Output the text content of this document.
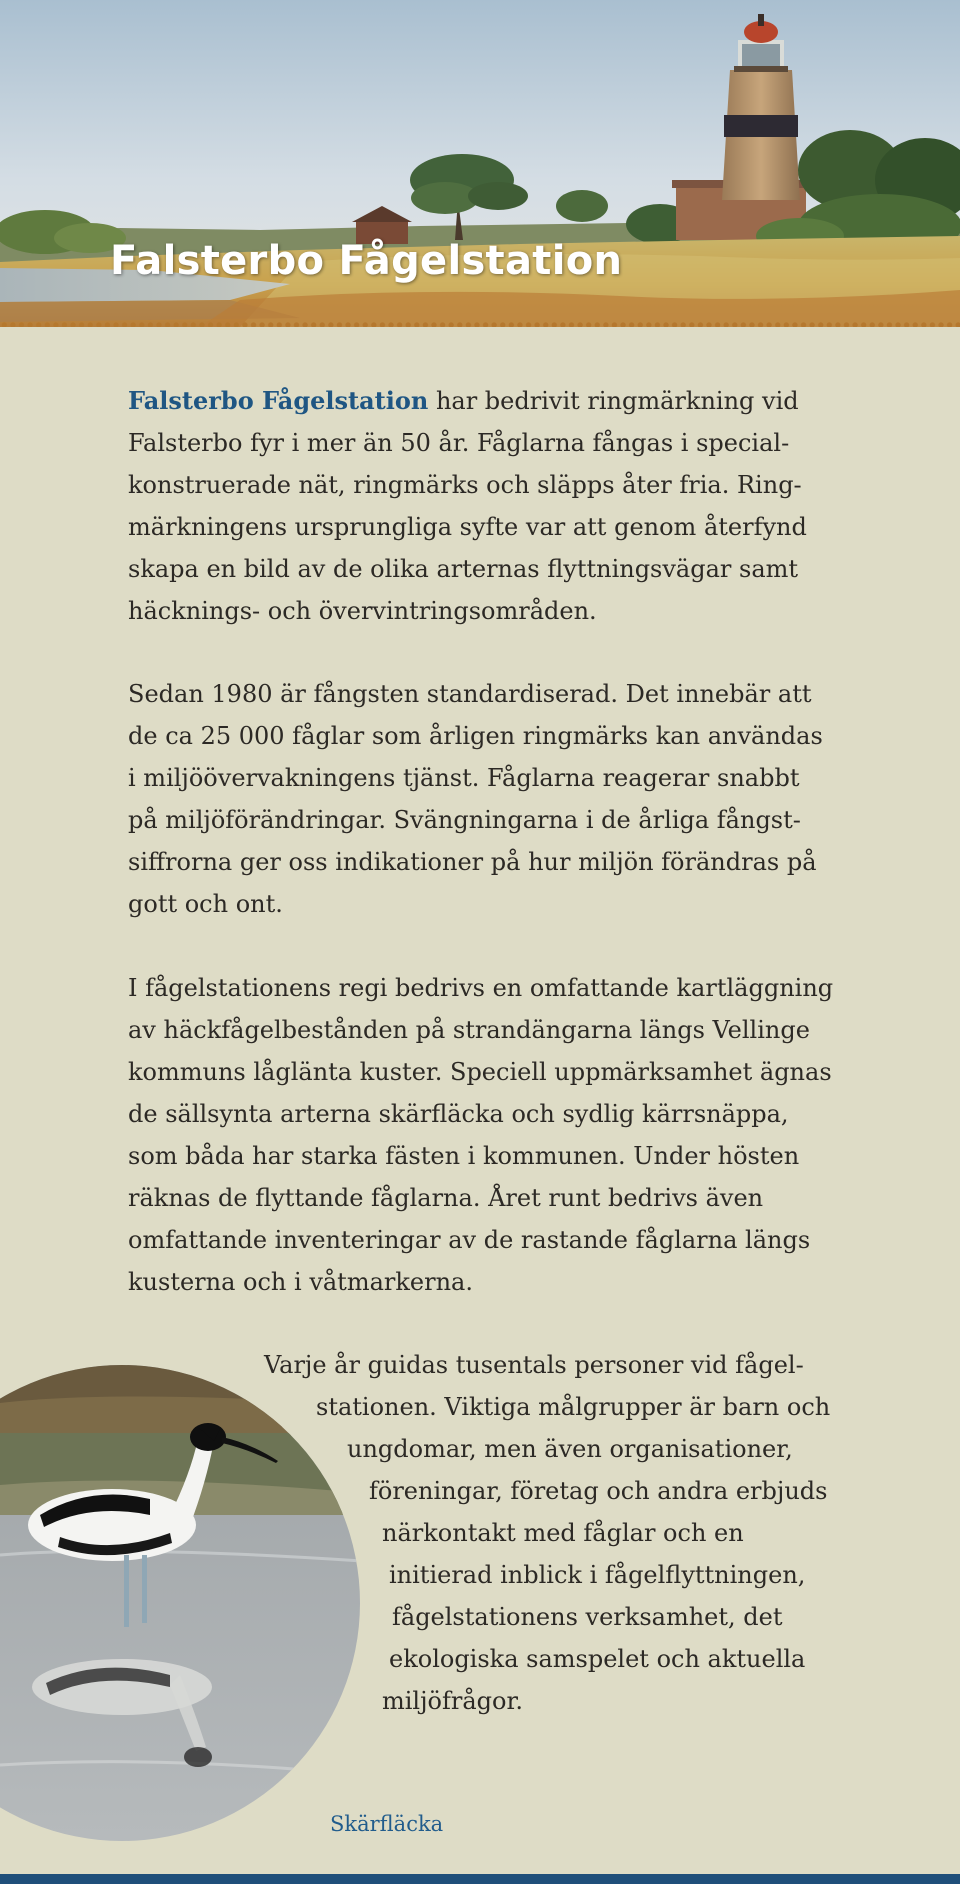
Falsterbo Fågelstation

Falsterbo Fågelstation har bedrivit ringmärkning vid
Falsterbo fyr i mer än 50 år. Fåglarna fångas i special-
konstruerade nät, ringmärks och släpps åter fria. Ring-
märkningens ursprungliga syfte var att genom återfynd
skapa en bild av de olika arternas flyttningsvägar samt
häcknings- och övervintringsområden.

Sedan 1980 är fångsten standardiserad. Det innebär att
de ca 25 000 fåglar som årligen ringmärks kan användas
i miljöövervakningens tjänst. Fåglarna reagerar snabbt
på miljöförändringar. Svängningarna i de årliga fångst-
siffrorna ger oss indikationer på hur miljön förändras på
gott och ont.

I fågelstationens regi bedrivs en omfattande kartläggning
av häckfågelbestånden på strandängarna längs Vellinge
kommuns låglänta kuster. Speciell uppmärksamhet ägnas
de sällsynta arterna skärfläcka och sydlig kärrsnäppa,
som båda har starka fästen i kommunen. Under hösten
räknas de flyttande fåglarna. Året runt bedrivs även
omfattande inventeringar av de rastande fåglarna längs
kusterna och i våtmarkerna.

Varje år guidas tusentals personer vid fågel-
stationen. Viktiga målgrupper är barn och
ungdomar, men även organisationer,
föreningar, företag och andra erbjuds
närkontakt med fåglar och en
initierad inblick i fågelflyttningen,
fågelstationens verksamhet, det
ekologiska samspelet och aktuella
miljöfrågor.
Skärfläcka
